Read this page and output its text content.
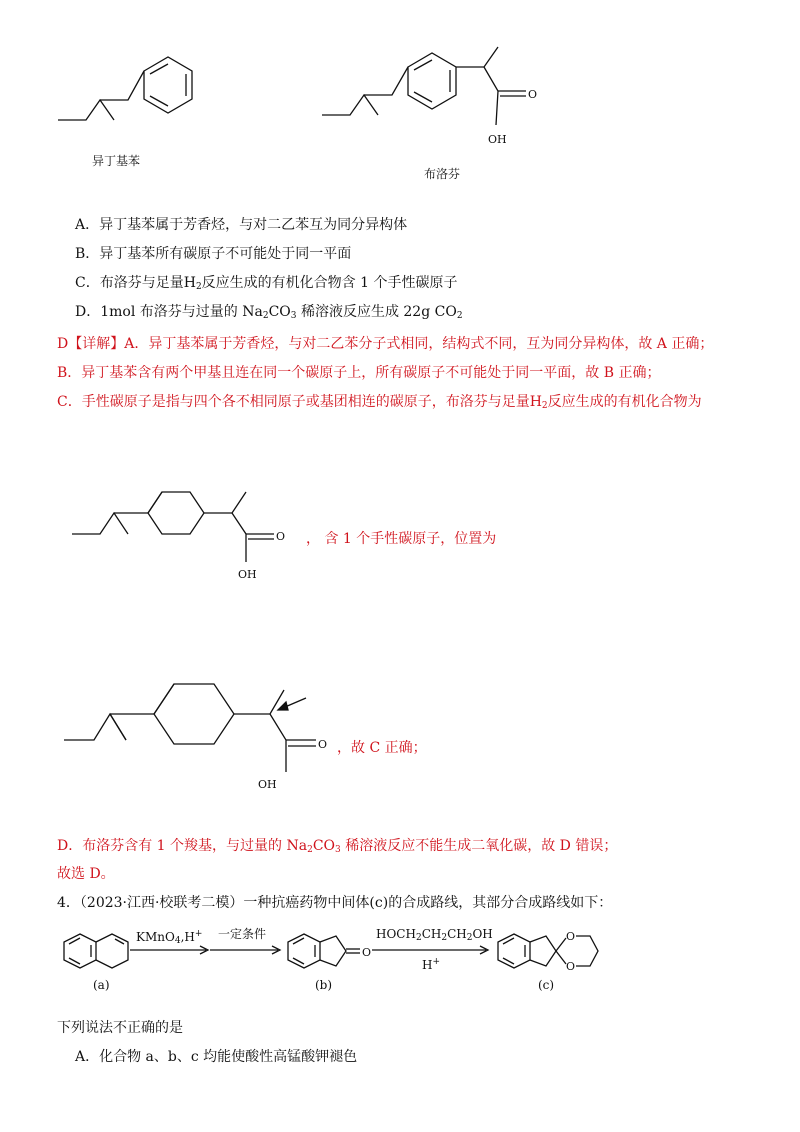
异丁基苯
O
OH
布洛芬
A．异丁基苯属于芳香烃，与对二乙苯互为同分异构体
B．异丁基苯所有碳原子不可能处于同一平面
C．布洛芬与足量$H_2$反应生成的有机化合物含 1 个手性碳原子
D．1mol 布洛芬与过量的 $Na_2CO_3$ 稀溶液反应生成 22g $CO_2$
D【详解】A．异丁基苯属于芳香烃，与对二乙苯分子式相同，结构式不同，互为同分异构体，故 A 正确；
B．异丁基苯含有两个甲基且连在同一个碳原子上，所有碳原子不可能处于同一平面，故 B 正确；
C．手性碳原子是指与四个各不相同原子或基团相连的碳原子，布洛芬与足量$H_2$反应生成的有机化合物为
O
OH
， 含 1 个手性碳原子，位置为
O
OH
，故 C 正确；
D．布洛芬含有 1 个羧基，与过量的 $Na_2CO_3$ 稀溶液反应不能生成二氧化碳，故 D 错误；
故选 D。
4．（2023·江西·校联考二模）一种抗癌药物中间体(c)的合成路线，其部分合成路线如下：
(a)
KMnO$_4$,H+ 一定条件
O
(b)
$HOCH_2CH_2CH_2OH$
H+
O
O
(c)
下列说法不正确的是
A．化合物 a、b、c 均能使酸性高锰酸钾褪色
